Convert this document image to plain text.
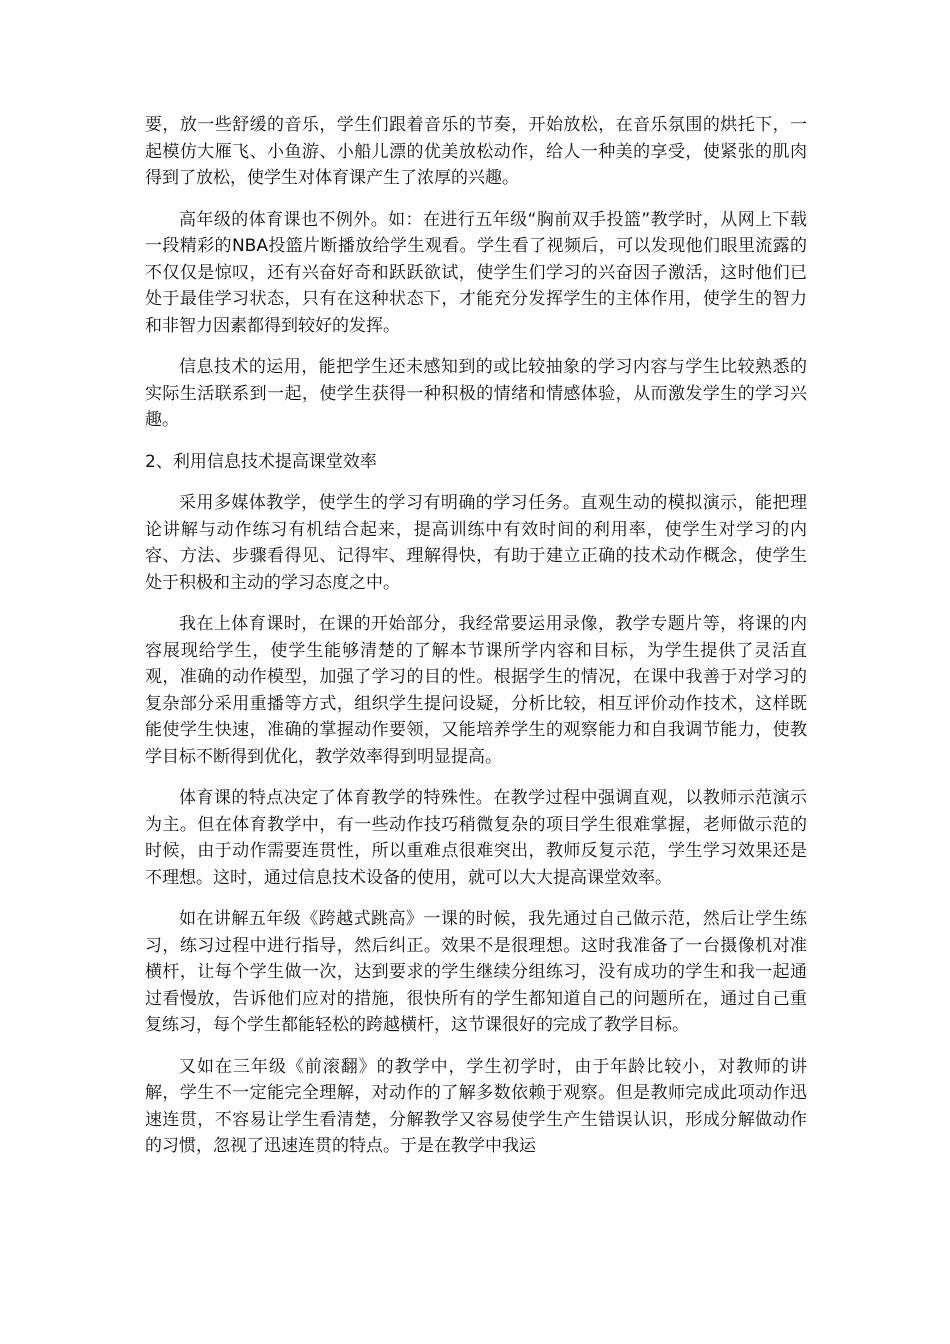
要，放一些舒缓的音乐，学生们跟着音乐的节奏，开始放松，在音乐氛围的烘托下，一起模仿大雁飞、小鱼游、小船儿漂的优美放松动作，给人一种美的享受，使紧张的肌肉得到了放松，使学生对体育课产生了浓厚的兴趣。

高年级的体育课也不例外。如：在进行五年级“胸前双手投篮”教学时，从网上下载一段精彩的NBA投篮片断播放给学生观看。学生看了视频后，可以发现他们眼里流露的不仅仅是惊叹，还有兴奋好奇和跃跃欲试，使学生们学习的兴奋因子激活，这时他们已处于最佳学习状态，只有在这种状态下，才能充分发挥学生的主体作用，使学生的智力和非智力因素都得到较好的发挥。

信息技术的运用，能把学生还未感知到的或比较抽象的学习内容与学生比较熟悉的实际生活联系到一起，使学生获得一种积极的情绪和情感体验，从而激发学生的学习兴趣。

2、利用信息技术提高课堂效率

采用多媒体教学，使学生的学习有明确的学习任务。直观生动的模拟演示，能把理论讲解与动作练习有机结合起来，提高训练中有效时间的利用率，使学生对学习的内容、方法、步骤看得见、记得牢、理解得快，有助于建立正确的技术动作概念，使学生处于积极和主动的学习态度之中。

我在上体育课时，在课的开始部分，我经常要运用录像，教学专题片等，将课的内容展现给学生，使学生能够清楚的了解本节课所学内容和目标，为学生提供了灵活直观，准确的动作模型，加强了学习的目的性。根据学生的情况，在课中我善于对学习的复杂部分采用重播等方式，组织学生提问设疑，分析比较，相互评价动作技术，这样既能使学生快速，准确的掌握动作要领，又能培养学生的观察能力和自我调节能力，使教学目标不断得到优化，教学效率得到明显提高。

体育课的特点决定了体育教学的特殊性。在教学过程中强调直观，以教师示范演示为主。但在体育教学中，有一些动作技巧稍微复杂的项目学生很难掌握，老师做示范的时候，由于动作需要连贯性，所以重难点很难突出，教师反复示范，学生学习效果还是不理想。这时，通过信息技术设备的使用，就可以大大提高课堂效率。

如在讲解五年级《跨越式跳高》一课的时候，我先通过自己做示范，然后让学生练习，练习过程中进行指导，然后纠正。效果不是很理想。这时我准备了一台摄像机对准横杆，让每个学生做一次，达到要求的学生继续分组练习，没有成功的学生和我一起通过看慢放，告诉他们应对的措施，很快所有的学生都知道自己的问题所在，通过自己重复练习，每个学生都能轻松的跨越横杆，这节课很好的完成了教学目标。

又如在三年级《前滚翻》的教学中，学生初学时，由于年龄比较小，对教师的讲解，学生不一定能完全理解，对动作的了解多数依赖于观察。但是教师完成此项动作迅速连贯，不容易让学生看清楚，分解教学又容易使学生产生错误认识，形成分解做动作的习惯，忽视了迅速连贯的特点。于是在教学中我运
